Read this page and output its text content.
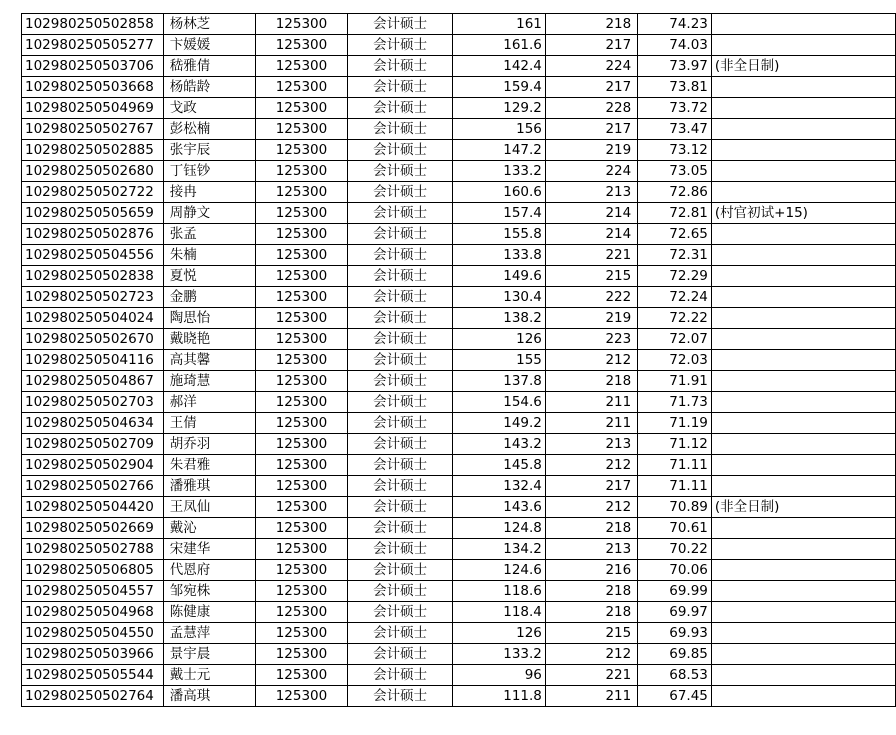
102980250502858	杨林芝	125300	会计硕士	161	218	74.23	
102980250505277	卞媛媛	125300	会计硕士	161.6	217	74.03	
102980250503706	嵇雅倩	125300	会计硕士	142.4	224	73.97	(非全日制)
102980250503668	杨皓龄	125300	会计硕士	159.4	217	73.81	
102980250504969	戈政	125300	会计硕士	129.2	228	73.72	
102980250502767	彭松楠	125300	会计硕士	156	217	73.47	
102980250502885	张宇辰	125300	会计硕士	147.2	219	73.12	
102980250502680	丁钰钞	125300	会计硕士	133.2	224	73.05	
102980250502722	接冉	125300	会计硕士	160.6	213	72.86	
102980250505659	周静文	125300	会计硕士	157.4	214	72.81	(村官初试+15)
102980250502876	张孟	125300	会计硕士	155.8	214	72.65	
102980250504556	朱楠	125300	会计硕士	133.8	221	72.31	
102980250502838	夏悦	125300	会计硕士	149.6	215	72.29	
102980250502723	金鹏	125300	会计硕士	130.4	222	72.24	
102980250504024	陶思怡	125300	会计硕士	138.2	219	72.22	
102980250502670	戴晓艳	125300	会计硕士	126	223	72.07	
102980250504116	高其馨	125300	会计硕士	155	212	72.03	
102980250504867	施琦慧	125300	会计硕士	137.8	218	71.91	
102980250502703	郝洋	125300	会计硕士	154.6	211	71.73	
102980250504634	王倩	125300	会计硕士	149.2	211	71.19	
102980250502709	胡乔羽	125300	会计硕士	143.2	213	71.12	
102980250502904	朱君雅	125300	会计硕士	145.8	212	71.11	
102980250502766	潘雅琪	125300	会计硕士	132.4	217	71.11	
102980250504420	王凤仙	125300	会计硕士	143.6	212	70.89	(非全日制)
102980250502669	戴沁	125300	会计硕士	124.8	218	70.61	
102980250502788	宋建华	125300	会计硕士	134.2	213	70.22	
102980250506805	代恩府	125300	会计硕士	124.6	216	70.06	
102980250504557	邹宛株	125300	会计硕士	118.6	218	69.99	
102980250504968	陈健康	125300	会计硕士	118.4	218	69.97	
102980250504550	孟慧萍	125300	会计硕士	126	215	69.93	
102980250503966	景宇晨	125300	会计硕士	133.2	212	69.85	
102980250505544	戴士元	125300	会计硕士	96	221	68.53	
102980250502764	潘高琪	125300	会计硕士	111.8	211	67.45	
